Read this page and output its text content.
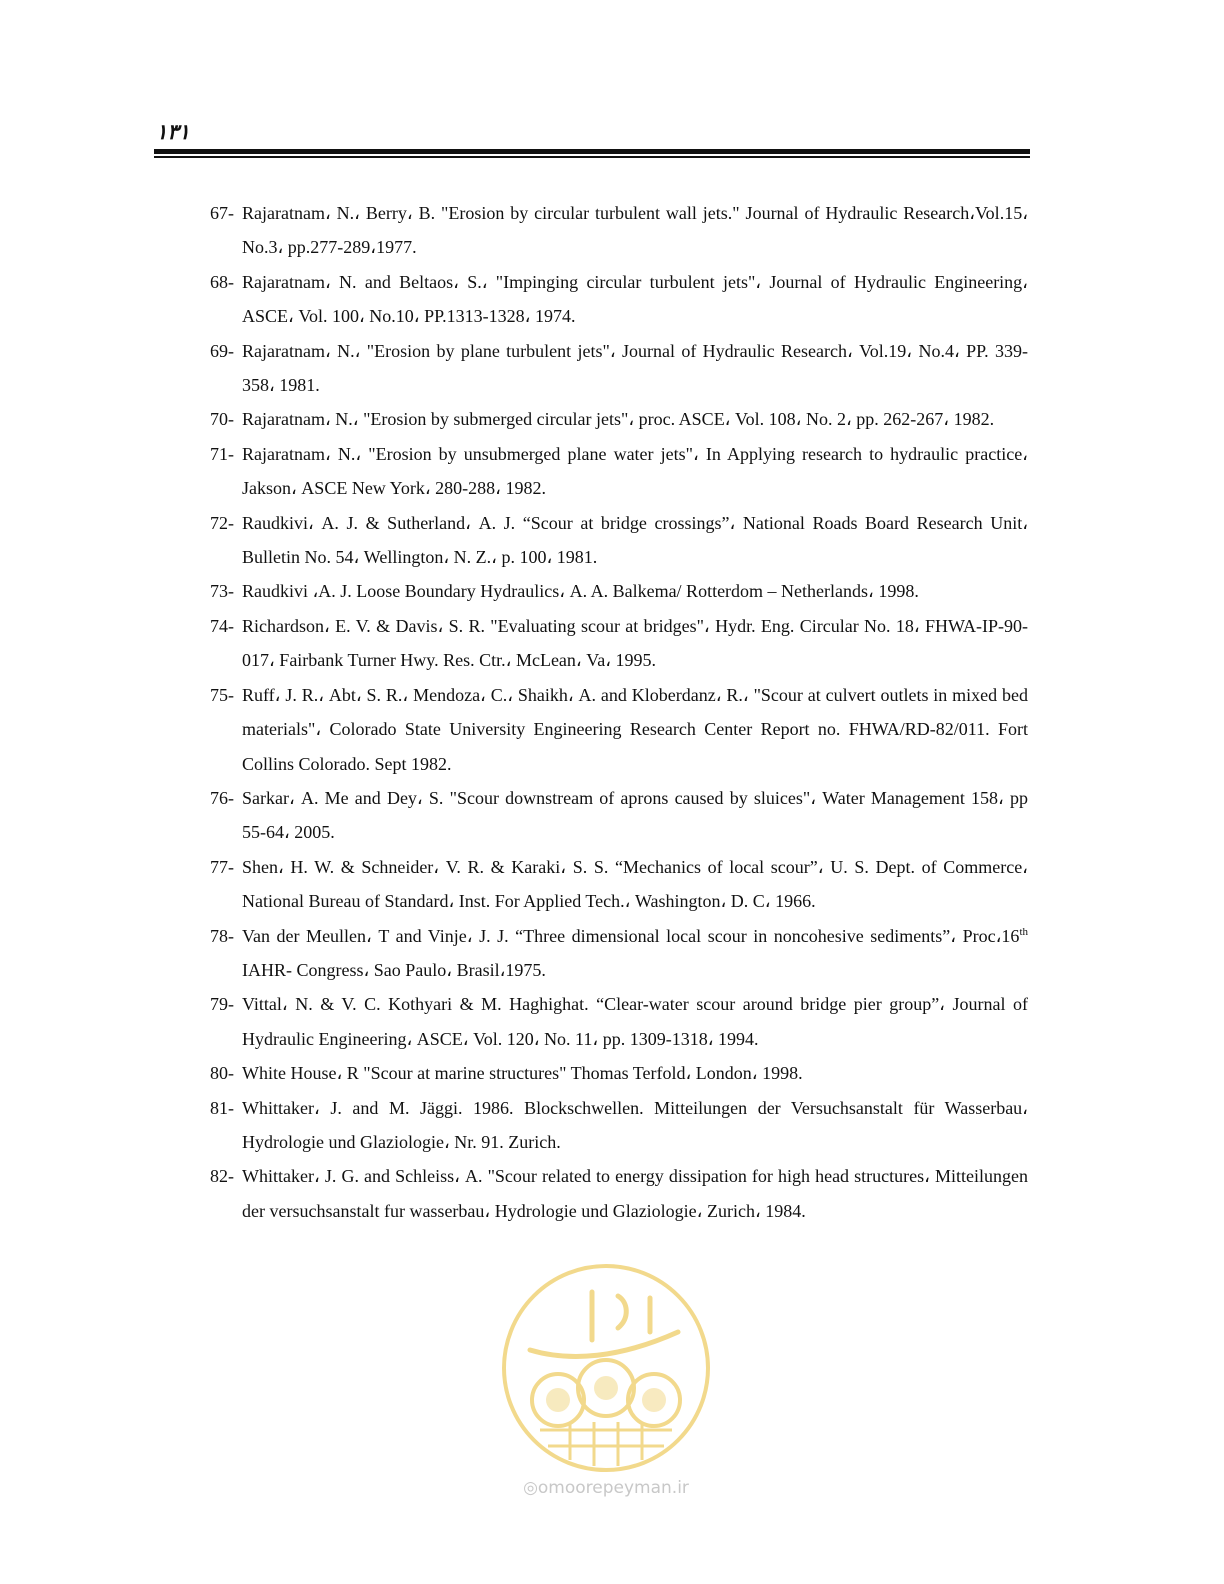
۱۳۱
67- Rajaratnam، N.، Berry، B. "Erosion by circular turbulent wall jets." Journal of Hydraulic Research،Vol.15، No.3، pp.277-289،1977.
68- Rajaratnam، N. and Beltaos، S.، "Impinging circular turbulent jets"، Journal of Hydraulic Engineering، ASCE، Vol. 100، No.10، PP.1313-1328، 1974.
69- Rajaratnam، N.، "Erosion by plane turbulent jets"، Journal of Hydraulic Research، Vol.19، No.4، PP. 339-358، 1981.
70- Rajaratnam، N.، "Erosion by submerged circular jets"، proc. ASCE، Vol. 108، No. 2، pp. 262-267، 1982.
71- Rajaratnam، N.، "Erosion by unsubmerged plane water jets"، In Applying research to hydraulic practice، Jakson، ASCE New York، 280-288، 1982.
72- Raudkivi، A. J. & Sutherland، A. J. “Scour at bridge crossings”، National Roads Board Research Unit، Bulletin No. 54، Wellington، N. Z.، p. 100، 1981.
73- Raudkivi ،A. J. Loose Boundary Hydraulics، A. A. Balkema/ Rotterdom – Netherlands، 1998.
74- Richardson، E. V. & Davis، S. R. "Evaluating scour at bridges"، Hydr. Eng. Circular No. 18، FHWA-IP-90-017، Fairbank Turner Hwy. Res. Ctr.، McLean، Va، 1995.
75- Ruff، J. R.، Abt، S. R.، Mendoza، C.، Shaikh، A. and Kloberdanz، R.، "Scour at culvert outlets in mixed bed materials"، Colorado State University Engineering Research Center Report no. FHWA/RD-82/011. Fort Collins Colorado. Sept 1982.
76- Sarkar، A. Me and Dey، S. "Scour downstream of aprons caused by sluices"، Water Management 158، pp 55-64، 2005.
77- Shen، H. W. & Schneider، V. R. & Karaki، S. S. “Mechanics of local scour”، U. S. Dept. of Commerce، National Bureau of Standard، Inst. For Applied Tech.، Washington، D. C، 1966.
78- Van der Meullen، T and Vinje، J. J. “Three dimensional local scour in noncohesive sediments”، Proc،16th IAHR- Congress، Sao Paulo، Brasil،1975.
79- Vittal، N. & V. C. Kothyari & M. Haghighat. “Clear-water scour around bridge pier group”، Journal of Hydraulic Engineering، ASCE، Vol. 120، No. 11، pp. 1309-1318، 1994.
80- White House، R "Scour at marine structures" Thomas Terfold، London، 1998.
81- Whittaker، J. and M. Jäggi. 1986. Blockschwellen. Mitteilungen der Versuchsanstalt für Wasserbau، Hydrologie und Glaziologie، Nr. 91. Zurich.
82- Whittaker، J. G. and Schleiss، A. "Scour related to energy dissipation for high head structures، Mitteilungen der versuchsanstalt fur wasserbau، Hydrologie und Glaziologie، Zurich، 1984.
◎omoorepeyman.ir
